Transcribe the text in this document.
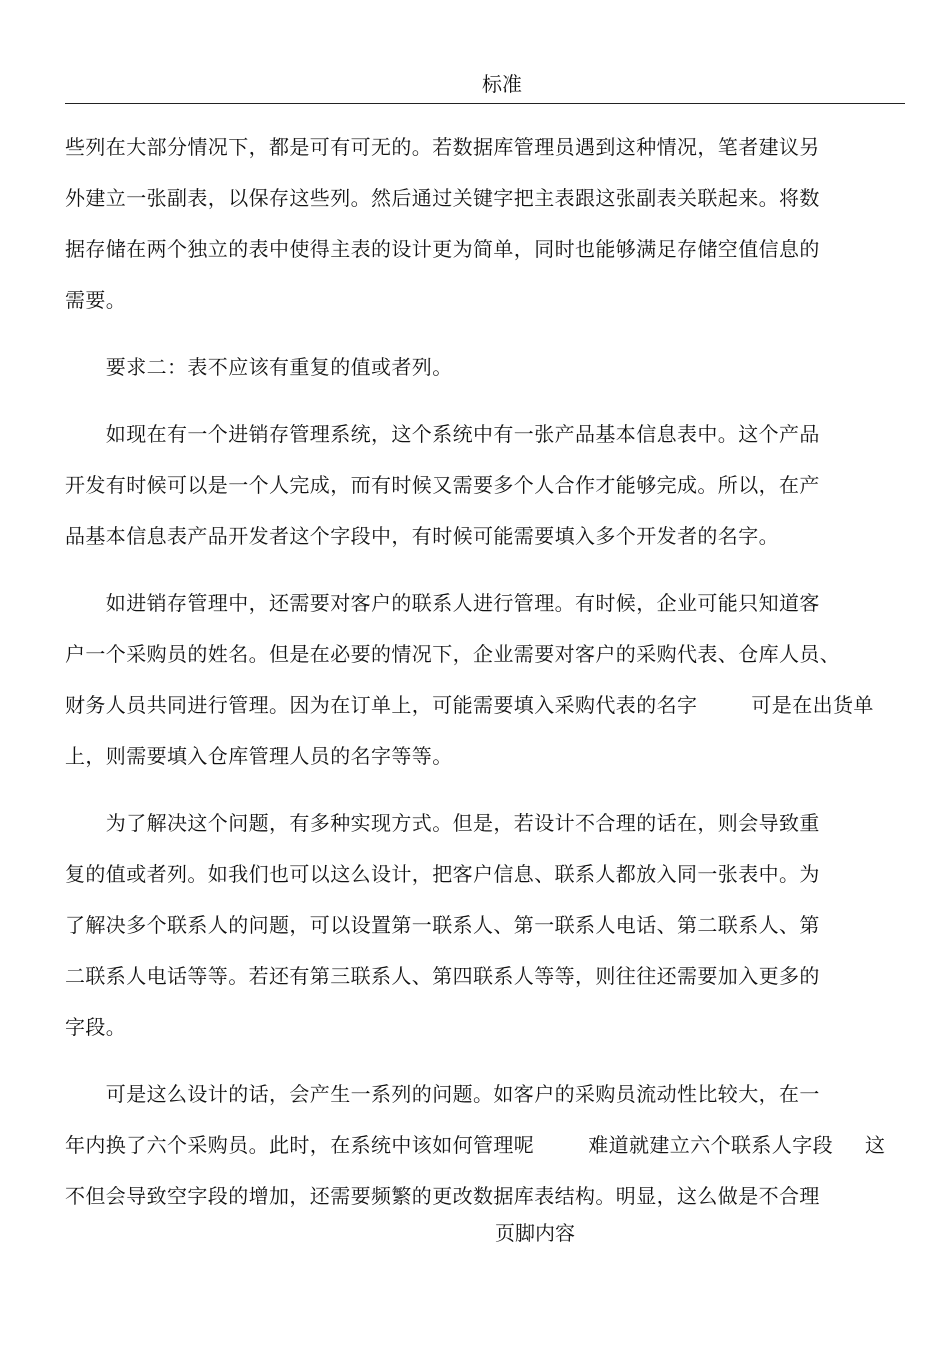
标准

些列在大部分情况下，都是可有可无的。若数据库管理员遇到这种情况，笔者建议另
外建立一张副表，以保存这些列。然后通过关键字把主表跟这张副表关联起来。将数
据存储在两个独立的表中使得主表的设计更为简单，同时也能够满足存储空值信息的
需要。

　　要求二：表不应该有重复的值或者列。

　　如现在有一个进销存管理系统，这个系统中有一张产品基本信息表中。这个产品
开发有时候可以是一个人完成，而有时候又需要多个人合作才能够完成。所以，在产
品基本信息表产品开发者这个字段中，有时候可能需要填入多个开发者的名字。

　　如进销存管理中，还需要对客户的联系人进行管理。有时候，企业可能只知道客
户一个采购员的姓名。但是在必要的情况下，企业需要对客户的采购代表、仓库人员、
财务人员共同进行管理。因为在订单上，可能需要填入采购代表的名字	可是在出货单
上，则需要填入仓库管理人员的名字等等。

　　为了解决这个问题，有多种实现方式。但是，若设计不合理的话在，则会导致重
复的值或者列。如我们也可以这么设计，把客户信息、联系人都放入同一张表中。为
了解决多个联系人的问题，可以设置第一联系人、第一联系人电话、第二联系人、第
二联系人电话等等。若还有第三联系人、第四联系人等等，则往往还需要加入更多的
字段。

　　可是这么设计的话，会产生一系列的问题。如客户的采购员流动性比较大，在一
年内换了六个采购员。此时，在系统中该如何管理呢	难道就建立六个联系人字段 这
不但会导致空字段的增加，还需要频繁的更改数据库表结构。明显，这么做是不合理

页脚内容
